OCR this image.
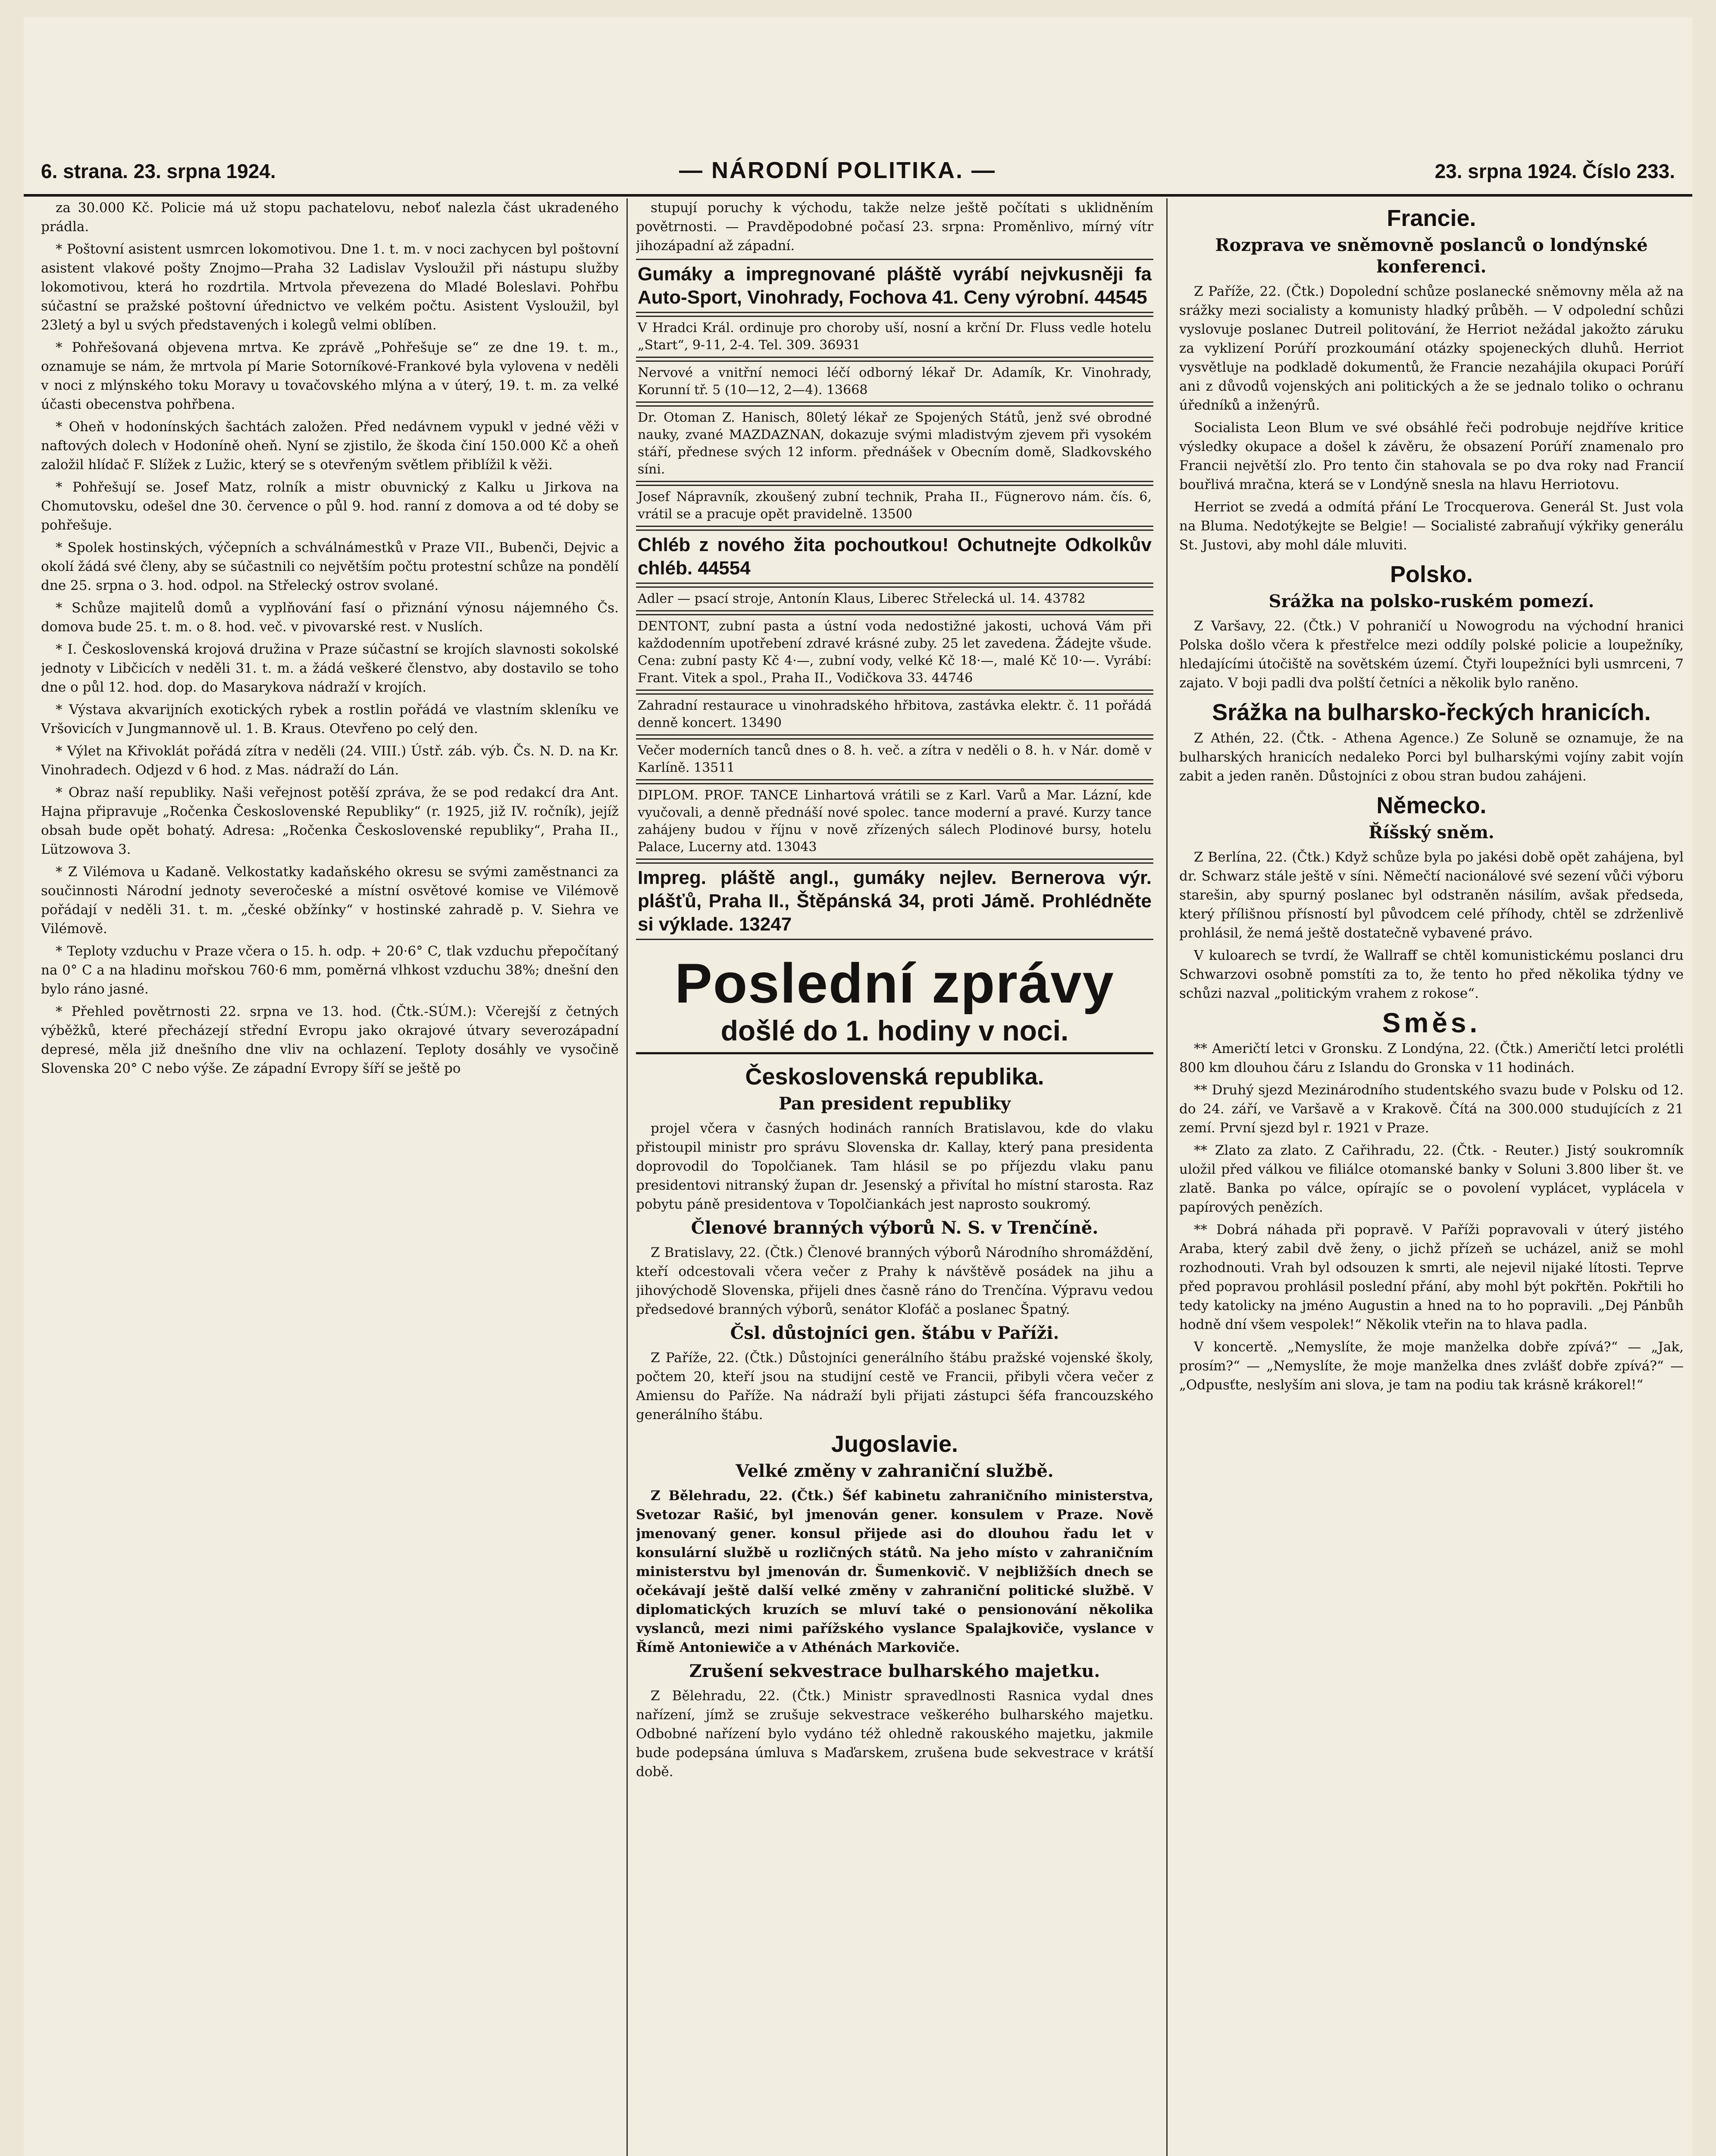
6. strana. 23. srpna 1924.	— NÁRODNÍ POLITIKA. —	23. srpna 1924. Číslo 233.

za 30.000 Kč. Policie má už stopu pachatelovu, neboť nalezla část ukradeného prádla.

* Poštovní asistent usmrcen lokomotivou. Dne 1. t. m. v noci zachycen byl poštovní asistent vlakové pošty Znojmo—Praha 32 Ladislav Vysloužil při nástupu služby lokomotivou, která ho rozdrtila. Mrtvola převezena do Mladé Boleslavi. Pohřbu súčastní se pražské poštovní úřednictvo ve velkém počtu. Asistent Vysloužil, byl 23letý a byl u svých představených i kolegů velmi oblíben.

* Pohřešovaná objevena mrtva. Ke zprávě „Pohřešuje se“ ze dne 19. t. m., oznamuje se nám, že mrtvola pí Marie Sotorníkové-Frankové byla vylovena v neděli v noci z mlýnského toku Moravy u tovačovského mlýna a v úterý, 19. t. m. za velké účasti obecenstva pohřbena.

* Oheň v hodonínských šachtách založen. Před nedávnem vypukl v jedné věži v naftových dolech v Hodoníně oheň. Nyní se zjistilo, že škoda činí 150.000 Kč a oheň založil hlídač F. Slížek z Lužic, který se s otevřeným světlem přiblížil k věži.

* Pohřešují se. Josef Matz, rolník a mistr obuvnický z Kalku u Jirkova na Chomutovsku, odešel dne 30. července o půl 9. hod. ranní z domova a od té doby se pohřešuje.

* Spolek hostinských, výčepních a schválnámestků v Praze VII., Bubenči, Dejvic a okolí žádá své členy, aby se súčastnili co největším počtu protestní schůze na pondělí dne 25. srpna o 3. hod. odpol. na Střelecký ostrov svolané.

* Schůze majitelů domů a vyplňování fasí o přiznání výnosu nájemného Čs. domova bude 25. t. m. o 8. hod. več. v pivovarské rest. v Nuslích.

* I. Československá krojová družina v Praze súčastní se krojích slavnosti sokolské jednoty v Libčicích v neděli 31. t. m. a žádá veškeré členstvo, aby dostavilo se toho dne o půl 12. hod. dop. do Masarykova nádraží v krojích.

* Výstava akvarijních exotických rybek a rostlin pořádá ve vlastním skleníku ve Vršovicích v Jungmannově ul. 1. B. Kraus. Otevřeno po celý den.

* Výlet na Křivoklát pořádá zítra v neděli (24. VIII.) Ústř. záb. výb. Čs. N. D. na Kr. Vinohradech. Odjezd v 6 hod. z Mas. nádraží do Lán.

* Obraz naší republiky. Naši veřejnost potěší zpráva, že se pod redakcí dra Ant. Hajna připravuje „Ročenka Československé Republiky“ (r. 1925, již IV. ročník), jejíž obsah bude opět bohatý. Adresa: „Ročenka Československé republiky“, Praha II., Lützowova 3.

* Z Vilémova u Kadaně. Velkostatky kadaňského okresu se svými zaměstnanci za součinnosti Národní jednoty severočeské a místní osvětové komise ve Vilémově pořádají v neděli 31. t. m. „české obžínky“ v hostinské zahradě p. V. Siehra ve Vilémově.

* Teploty vzduchu v Praze včera o 15. h. odp. + 20·6° C, tlak vzduchu přepočítaný na 0° C a na hladinu mořskou 760·6 mm, poměrná vlhkost vzduchu 38%; dnešní den bylo ráno jasné.

* Přehled povětrnosti 22. srpna ve 13. hod. (Čtk.-SÚM.): Včerejší z četných výběžků, které přecházejí střední Evropu jako okrajové útvary severozápadní depresé, měla již dnešního dne vliv na ochlazení. Teploty dosáhly ve vysočině Slovenska 20° C nebo výše. Ze západní Evropy šíří se ještě po

stupují poruchy k východu, takže nelze ještě počítati s uklidněním povětrnosti. — Pravděpodobné počasí 23. srpna: Proměnlivo, mírný vítr jihozápadní až západní.

Gumáky a impregnované pláště vyrábí nejvkusněji fa Auto-Sport, Vinohrady, Fochova 41. Ceny výrobní. 44545
V Hradci Král. ordinuje pro choroby uší, nosní a krční Dr. Fluss vedle hotelu „Start“, 9-11, 2-4. Tel. 309. 36931
Nervové a vnitřní nemoci léčí odborný lékař Dr. Adamík, Kr. Vinohrady, Korunní tř. 5 (10—12, 2—4). 13668
Dr. Otoman Z. Hanisch, 80letý lékař ze Spojených Států, jenž své obrodné nauky, zvané MAZDAZNAN, dokazuje svými mladistvým zjevem při vysokém stáří, přednese svých 12 inform. přednášek v Obecním domě, Sladkovského síni.
Josef Nápravník, zkoušený zubní technik, Praha II., Fügnerovo nám. čís. 6, vrátil se a pracuje opět pravidelně. 13500
Chléb z nového žita pochoutkou! Ochutnejte Odkolkův chléb. 44554
Adler — psací stroje, Antonín Klaus, Liberec Střelecká ul. 14. 43782
DENTONT, zubní pasta a ústní voda nedostižné jakosti, uchová Vám při každodenním upotřebení zdravé krásné zuby. 25 let zavedena. Žádejte všude. Cena: zubní pasty Kč 4·—, zubní vody, velké Kč 18·—, malé Kč 10·—. Vyrábí: Frant. Vitek a spol., Praha II., Vodičkova 33. 44746
Zahradní restaurace u vinohradského hřbitova, zastávka elektr. č. 11 pořádá denně koncert. 13490
Večer moderních tanců dnes o 8. h. več. a zítra v neděli o 8. h. v Nár. domě v Karlíně. 13511
DIPLOM. PROF. TANCE Linhartová vrátili se z Karl. Varů a Mar. Lázní, kde vyučovali, a denně přednáší nové spolec. tance moderní a pravé. Kurzy tance zahájeny budou v říjnu v nově zřízených sálech Plodinové bursy, hotelu Palace, Lucerny atd. 13043
Impreg. pláště angl., gumáky nejlev. Bernerova výr. plášťů, Praha II., Štěpánská 34, proti Jámě. Prohlédněte si výklade. 13247
Poslední zprávy
došlé do 1. hodiny v noci.
Československá republika.
Pan president republiky

projel včera v časných hodinách ranních Bratislavou, kde do vlaku přistoupil ministr pro správu Slovenska dr. Kallay, který pana presidenta doprovodil do Topolčianek. Tam hlásil se po příjezdu vlaku panu presidentovi nitranský župan dr. Jesenský a přivítal ho místní starosta. Raz pobytu páně presidentova v Topolčiankách jest naprosto soukromý.

Členové branných výborů N. S. v Trenčíně.

Z Bratislavy, 22. (Čtk.) Členové branných výborů Národního shromáždění, kteří odcestovali včera večer z Prahy k návštěvě posádek na jihu a jihovýchodě Slovenska, přijeli dnes časně ráno do Trenčína. Výpravu vedou předsedové branných výborů, senátor Klofáč a poslanec Špatný.

Čsl. důstojníci gen. štábu v Paříži.

Z Paříže, 22. (Čtk.) Důstojníci generálního štábu pražské vojenské školy, počtem 20, kteří jsou na studijní cestě ve Francii, přibyli včera večer z Amiensu do Paříže. Na nádraží byli přijati zástupci šéfa francouzského generálního štábu.

Jugoslavie.
Velké změny v zahraniční službě.

Z Bělehradu, 22. (Čtk.) Šéf kabinetu zahraničního ministerstva, Svetozar Rašić, byl jmenován gener. konsulem v Praze. Nově jmenovaný gener. konsul přijede asi do dlouhou řadu let v konsulární službě u rozličných států. Na jeho místo v zahraničním ministerstvu byl jmenován dr. Šumenkovič. V nejbližších dnech se očekávají ještě další velké změny v zahraniční politické službě. V diplomatických kruzích se mluví také o pensionování několika vyslanců, mezi nimi pařížského vyslance Spalajkoviče, vyslance v Římě Antoniewiče a v Athénách Markoviče.

Zrušení sekvestrace bulharského majetku.

Z Bělehradu, 22. (Čtk.) Ministr spravedlnosti Rasnica vydal dnes nařízení, jímž se zrušuje sekvestrace veškerého bulharského majetku. Odbobné nařízení bylo vydáno též ohledně rakouského majetku, jakmile bude podepsána úmluva s Maďarskem, zrušena bude sekvestrace v krátší době.

Francie.
Rozprava ve sněmovně poslanců o londýnské konferenci.

Z Paříže, 22. (Čtk.) Dopolední schůze poslanecké sněmovny měla až na srážky mezi socialisty a komunisty hladký průběh. — V odpolední schůzi vyslovuje poslanec Dutreil politování, že Herriot nežádal jakožto záruku za vyklizení Porúří prozkoumání otázky spojeneckých dluhů. Herriot vysvětluje na podkladě dokumentů, že Francie nezahájila okupaci Porúří ani z důvodů vojenských ani politických a že se jednalo toliko o ochranu úředníků a inženýrů.

Socialista Leon Blum ve své obsáhlé řeči podrobuje nejdříve kritice výsledky okupace a došel k závěru, že obsazení Porúří znamenalo pro Francii největší zlo. Pro tento čin stahovala se po dva roky nad Francií bouřlivá mračna, která se v Londýně snesla na hlavu Herriotovu.

Herriot se zvedá a odmítá přání Le Trocquerova. Generál St. Just vola na Bluma. Nedotýkejte se Belgie! — Socialisté zabraňují výkřiky generálu St. Justovi, aby mohl dále mluviti.

Polsko.
Srážka na polsko-ruském pomezí.

Z Varšavy, 22. (Čtk.) V pohraničí u Nowogrodu na východní hranici Polska došlo včera k přestřelce mezi oddíly polské policie a loupežníky, hledajícími útočiště na sovětském území. Čtyři loupežníci byli usmrceni, 7 zajato. V boji padli dva polští četníci a několik bylo raněno.

Srážka na bulharsko-řeckých hranicích.

Z Athén, 22. (Čtk. - Athena Agence.) Ze Soluně se oznamuje, že na bulharských hranicích nedaleko Porci byl bulharskými vojíny zabit vojín zabit a jeden raněn. Důstojníci z obou stran budou zahájeni.

Německo.
Říšský sněm.

Z Berlína, 22. (Čtk.) Když schůze byla po jakési době opět zahájena, byl dr. Schwarz stále ještě v síni. Němečtí nacionálové své sezení vůči výboru starešin, aby spurný poslanec byl odstraněn násilím, avšak předseda, který přílišnou přísností byl původcem celé příhody, chtěl se zdrženlivě prohlásil, že nemá ještě dostatečně vybavené právo.

V kuloarech se tvrdí, že Wallraff se chtěl komunistickému poslanci dru Schwarzovi osobně pomstíti za to, že tento ho před několika týdny ve schůzi nazval „politickým vrahem z rokose“.

Směs.

** Američtí letci v Gronsku. Z Londýna, 22. (Čtk.) Američtí letci prolétli 800 km dlouhou čáru z Islandu do Gronska v 11 hodinách.

** Druhý sjezd Mezinárodního studentského svazu bude v Polsku od 12. do 24. září, ve Varšavě a v Krakově. Čítá na 300.000 studujících z 21 zemí. První sjezd byl r. 1921 v Praze.

** Zlato za zlato. Z Cařihradu, 22. (Čtk. - Reuter.) Jistý soukromník uložil před válkou ve filiálce otomanské banky v Soluni 3.800 liber št. ve zlatě. Banka po válce, opírajíc se o povolení vyplácet, vyplácela v papírových penězích.

** Dobrá náhada při popravě. V Paříži popravovali v úterý jistého Araba, který zabil dvě ženy, o jichž přízeň se ucházel, aniž se mohl rozhodnouti. Vrah byl odsouzen k smrti, ale nejevil nijaké lítosti. Teprve před popravou prohlásil poslední přání, aby mohl být pokřtěn. Pokřtili ho tedy katolicky na jméno Augustin a hned na to ho popravili. „Dej Pánbůh hodně dní všem vespolek!“ Několik vteřin na to hlava padla.

V koncertě. „Nemyslíte, že moje manželka dobře zpívá?“ — „Jak, prosím?“ — „Nemyslíte, že moje manželka dnes zvlášť dobře zpívá?“ — „Odpusťte, neslyším ani slova, je tam na podiu tak krásně krákorel!“
